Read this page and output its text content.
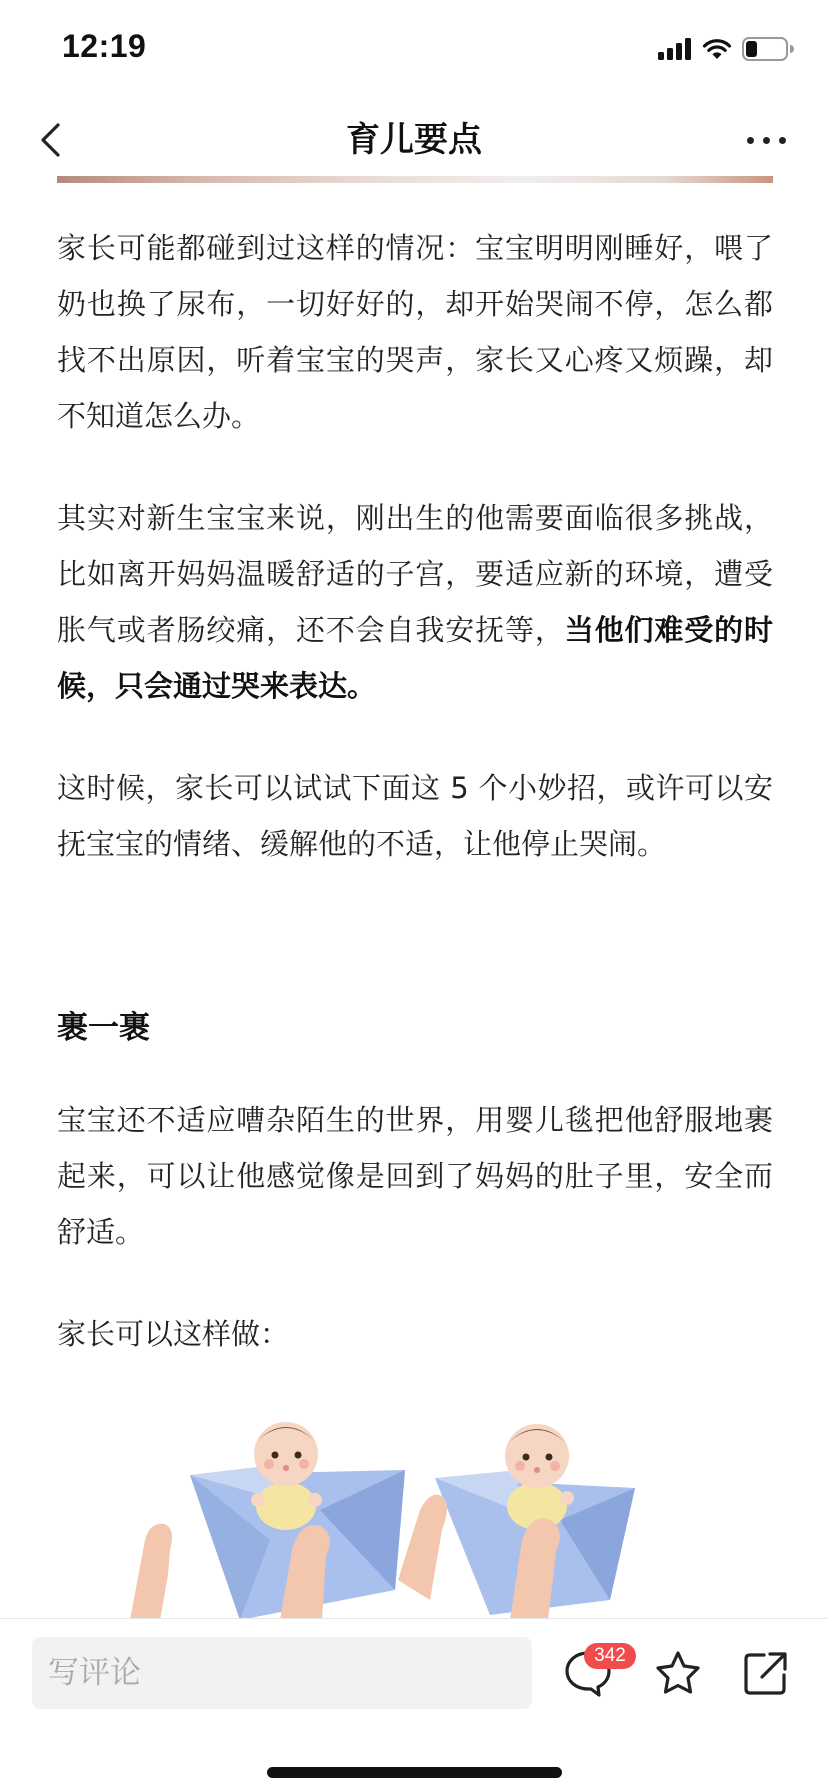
12:19
育儿要点

家长可能都碰到过这样的情况：宝宝明明刚睡好，喂了奶也换了尿布，一切好好的，却开始哭闹不停，怎么都找不出原因，听着宝宝的哭声，家长又心疼又烦躁，却不知道怎么办。

其实对新生宝宝来说，刚出生的他需要面临很多挑战，比如离开妈妈温暖舒适的子宫，要适应新的环境，遭受胀气或者肠绞痛，还不会自我安抚等，当他们难受的时候，只会通过哭来表达。

这时候，家长可以试试下面这 5 个小妙招，或许可以安抚宝宝的情绪、缓解他的不适，让他停止哭闹。

裹一裹

宝宝还不适应嘈杂陌生的世界，用婴儿毯把他舒服地裹起来，可以让他感觉像是回到了妈妈的肚子里，安全而舒适。

家长可以这样做：

写评论
342
